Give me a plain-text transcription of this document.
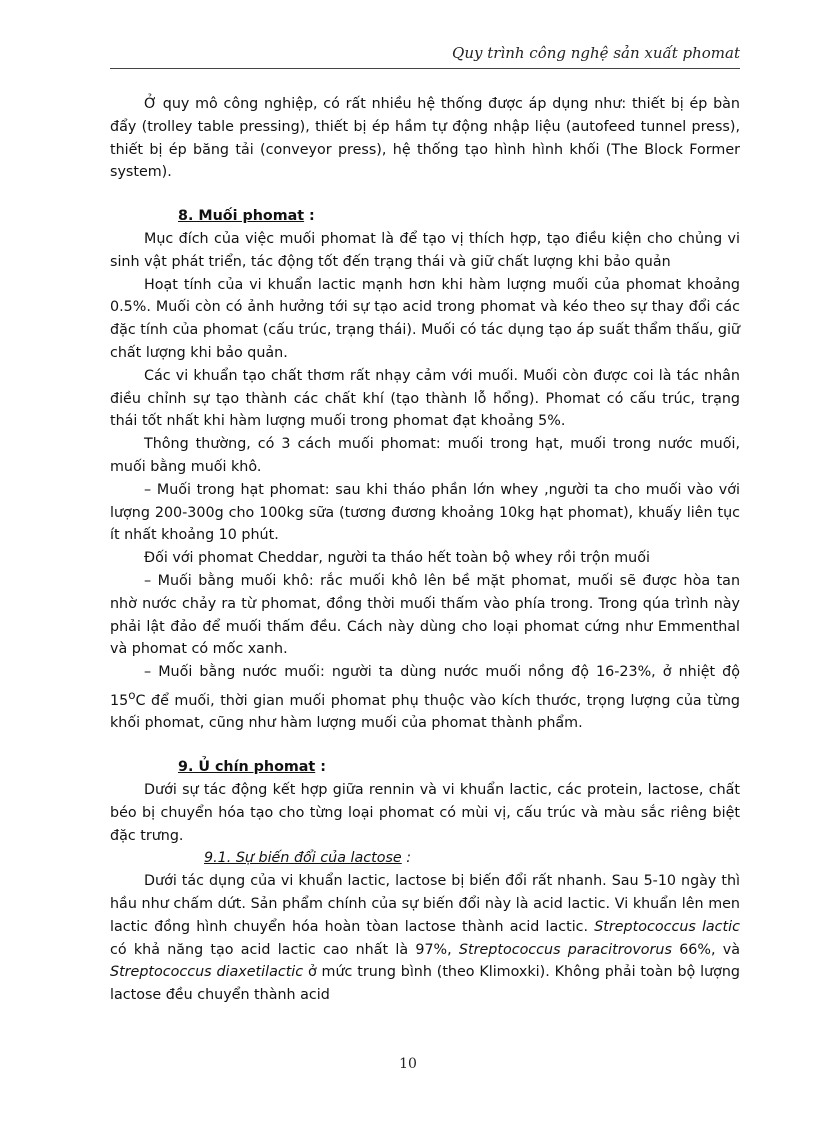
Quy trình công nghệ sản xuất phomat

Ở quy mô công nghiệp, có rất nhiều hệ thống được áp dụng như: thiết bị ép bàn đẩy (trolley table pressing), thiết bị ép hầm tự động nhập liệu (autofeed tunnel press), thiết bị ép băng tải (conveyor press), hệ thống tạo hình hình khối (The Block Former system).

8. Muối phomat :

Mục đích của việc muối phomat là để tạo vị thích hợp, tạo điều kiện cho chủng vi sinh vật phát triển, tác động tốt đến trạng thái và giữ chất lượng khi bảo quản

Hoạt tính của vi khuẩn lactic mạnh hơn khi hàm lượng muối của phomat khoảng 0.5%. Muối còn có ảnh hưởng tới sự tạo acid trong phomat và kéo theo sự thay đổi các đặc tính của phomat (cấu trúc, trạng thái). Muối có tác dụng tạo áp suất thẩm thấu, giữ chất lượng khi bảo quản.

Các vi khuẩn tạo chất thơm rất nhạy cảm với muối. Muối còn được coi là tác nhân điều chỉnh sự tạo thành các chất khí (tạo thành lỗ hổng). Phomat có cấu trúc, trạng thái tốt nhất khi hàm lượng muối trong phomat đạt khoảng 5%.

Thông thường, có 3 cách muối phomat: muối trong hạt, muối trong nước muối, muối bằng muối khô.

– Muối trong hạt phomat: sau khi tháo phần lớn whey ,người ta cho muối vào với lượng 200-300g cho 100kg sữa (tương đương khoảng 10kg hạt phomat), khuấy liên tục ít nhất khoảng 10 phút.

Đối với phomat Cheddar, người ta tháo hết toàn bộ whey rồi trộn muối

– Muối bằng muối khô: rắc muối khô lên bề mặt phomat, muối sẽ được hòa tan nhờ nước chảy ra từ phomat, đồng thời muối thấm vào phía trong. Trong qúa trình này phải lật đảo để muối thấm đều. Cách này dùng cho loại phomat cứng như Emmenthal và phomat có mốc xanh.

– Muối bằng nước muối: người ta dùng nước muối nồng độ 16-23%, ở nhiệt độ 15$^o$C để muối, thời gian muối phomat phụ thuộc vào kích thước, trọng lượng của từng khối phomat, cũng như hàm lượng muối của phomat thành phẩm.

9. Ủ chín phomat :

Dưới sự tác động kết hợp giữa rennin và vi khuẩn lactic, các protein, lactose, chất béo bị chuyển hóa tạo cho từng loại phomat có mùi vị, cấu trúc và màu sắc riêng biệt đặc trưng.

9.1. Sự biến đổi của lactose :

Dưới tác dụng của vi khuẩn lactic, lactose bị biến đổi rất nhanh. Sau 5-10 ngày thì hầu như chấm dứt. Sản phẩm chính của sự biến đổi này là acid lactic. Vi khuẩn lên men lactic đồng hình chuyển hóa hoàn tòan lactose thành acid lactic. Streptococcus lactic có khả năng tạo acid lactic cao nhất là 97%, Streptococcus paracitrovorus 66%, và Streptococcus diaxetilactic ở mức trung bình (theo Klimoxki). Không phải toàn bộ lượng lactose đều chuyển thành acid

10
